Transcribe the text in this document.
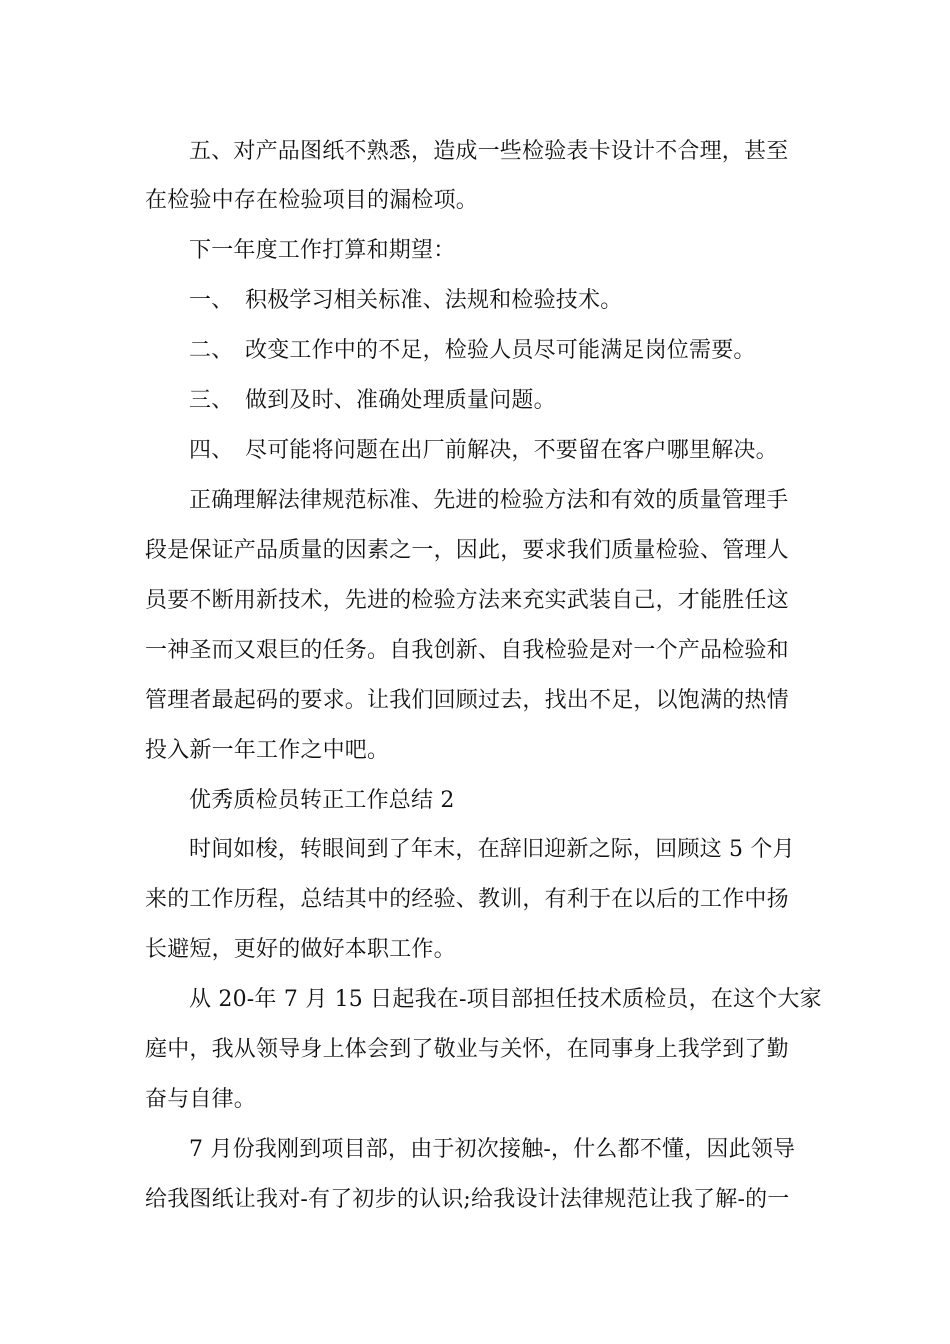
五、对产品图纸不熟悉，造成一些检验表卡设计不合理，甚至
在检验中存在检验项目的漏检项。
下一年度工作打算和期望：
一、 积极学习相关标准、法规和检验技术。
二、 改变工作中的不足，检验人员尽可能满足岗位需要。
三、 做到及时、准确处理质量问题。
四、 尽可能将问题在出厂前解决，不要留在客户哪里解决。
正确理解法律规范标准、先进的检验方法和有效的质量管理手
段是保证产品质量的因素之一，因此，要求我们质量检验、管理人
员要不断用新技术，先进的检验方法来充实武装自己，才能胜任这
一神圣而又艰巨的任务。自我创新、自我检验是对一个产品检验和
管理者最起码的要求。让我们回顾过去，找出不足，以饱满的热情
投入新一年工作之中吧。
优秀质检员转正工作总结 2
时间如梭，转眼间到了年末，在辞旧迎新之际，回顾这 5 个月
来的工作历程，总结其中的经验、教训，有利于在以后的工作中扬
长避短，更好的做好本职工作。
从 20-年 7 月 15 日起我在-项目部担任技术质检员，在这个大家
庭中，我从领导身上体会到了敬业与关怀，在同事身上我学到了勤
奋与自律。
7 月份我刚到项目部，由于初次接触-，什么都不懂，因此领导
给我图纸让我对-有了初步的认识;给我设计法律规范让我了解-的一
